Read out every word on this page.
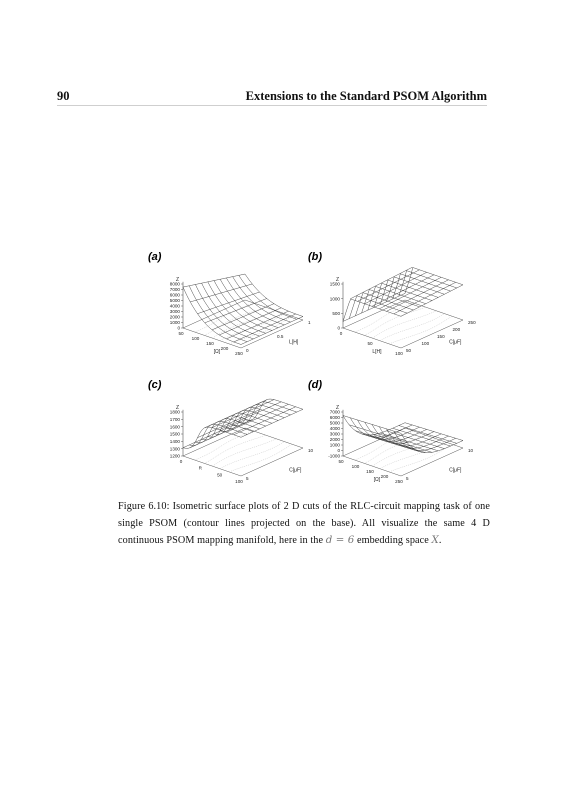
90	Extensions to the Standard PSOM Algorithm
(a)
Z
8000
7000
6000
5000
4000
3000
2000
1000
0
50
100
150
200
250
[Ω]	0
0.5
1
L[H]
(b)
Z
1500
1000
500
0
0
50
100
L[H]	50
100
150
200
250
C[μF]
(c)
Z
1800
1700
1600
1500
1400
1300
1200
0
R
50
100
5
10
C[μF]
(d)
Z
7000
6000
5000
4000
3000
2000
1000
0
-1000
50
100
150
200
250
[Ω]	5
10
C[μF]
Figure 6.10: Isometric surface plots of 2 D cuts of the RLC-circuit mapping task of one single PSOM (contour lines projected on the base). All visualize the same 4 D continuous PSOM mapping manifold, here in the d = 6 embedding space X.
